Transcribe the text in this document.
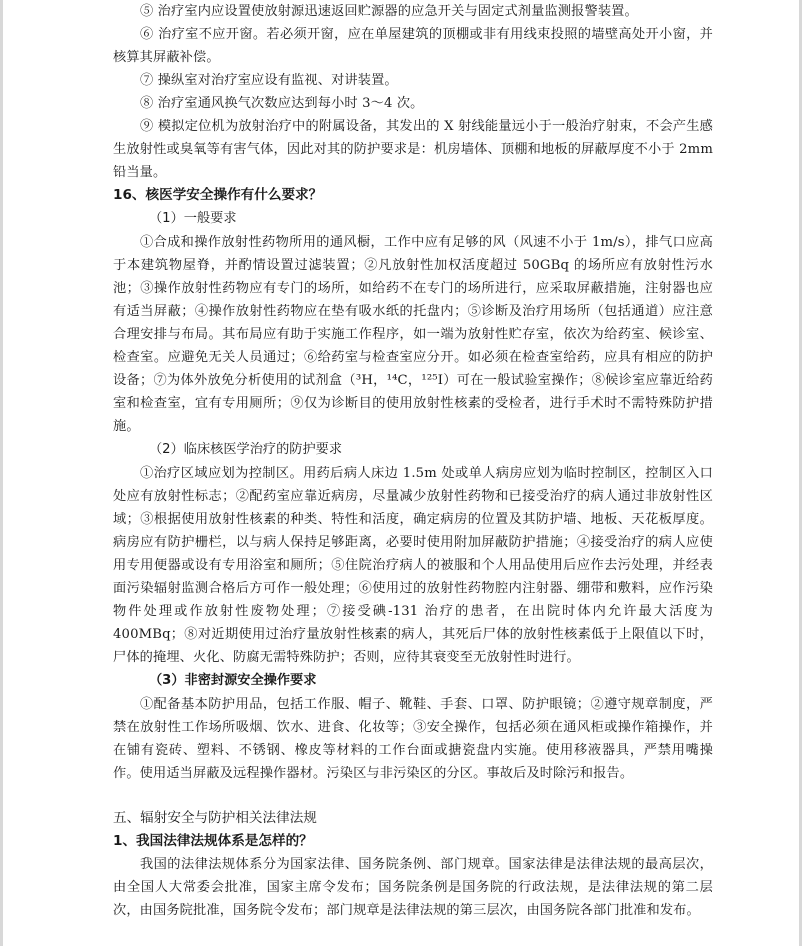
⑤ 治疗室内应设置使放射源迅速返回贮源器的应急开关与固定式剂量监测报警装置。

⑥ 治疗室不应开窗。若必须开窗，应在单屋建筑的顶棚或非有用线束投照的墙壁高处开小窗，并核算其屏蔽补偿。

⑦ 操纵室对治疗室应设有监视、对讲装置。

⑧ 治疗室通风换气次数应达到每小时 3～4 次。

⑨ 模拟定位机为放射治疗中的附属设备，其发出的 X 射线能量远小于一般治疗射束，不会产生感生放射性或臭氧等有害气体，因此对其的防护要求是：机房墙体、顶棚和地板的屏蔽厚度不小于 2mm 铅当量。

16、核医学安全操作有什么要求？

（1）一般要求

①合成和操作放射性药物所用的通风橱，工作中应有足够的风（风速不小于 1m/s），排气口应高于本建筑物屋脊，并酌情设置过滤装置；②凡放射性加权活度超过 50GBq 的场所应有放射性污水池；③操作放射性药物应有专门的场所，如给药不在专门的场所进行，应采取屏蔽措施，注射器也应有适当屏蔽；④操作放射性药物应在垫有吸水纸的托盘内；⑤诊断及治疗用场所（包括通道）应注意合理安排与布局。其布局应有助于实施工作程序，如一端为放射性贮存室，依次为给药室、候诊室、检查室。应避免无关人员通过；⑥给药室与检查室应分开。如必须在检查室给药，应具有相应的防护设备；⑦为体外放免分析使用的试剂盒（³H，¹⁴C，¹²⁵I）可在一般试验室操作；⑧候诊室应靠近给药室和检查室，宜有专用厕所；⑨仅为诊断目的使用放射性核素的受检者，进行手术时不需特殊防护措施。

（2）临床核医学治疗的防护要求

①治疗区域应划为控制区。用药后病人床边 1.5m 处或单人病房应划为临时控制区，控制区入口处应有放射性标志；②配药室应靠近病房，尽量减少放射性药物和已接受治疗的病人通过非放射性区域；③根据使用放射性核素的种类、特性和活度，确定病房的位置及其防护墙、地板、天花板厚度。病房应有防护栅栏，以与病人保持足够距离，必要时使用附加屏蔽防护措施；④接受治疗的病人应使用专用便器或设有专用浴室和厕所；⑤住院治疗病人的被服和个人用品使用后应作去污处理，并经表面污染辐射监测合格后方可作一般处理；⑥使用过的放射性药物腔内注射器、绷带和敷料，应作污染物件处理或作放射性废物处理；⑦接受碘-131 治疗的患者，在出院时体内允许最大活度为 400MBq；⑧对近期使用过治疗量放射性核素的病人，其死后尸体的放射性核素低于上限值以下时，尸体的掩埋、火化、防腐无需特殊防护；否则，应待其衰变至无放射性时进行。

（3）非密封源安全操作要求

①配备基本防护用品，包括工作服、帽子、靴鞋、手套、口罩、防护眼镜；②遵守规章制度，严禁在放射性工作场所吸烟、饮水、进食、化妆等；③安全操作，包括必须在通风柜或操作箱操作，并在铺有瓷砖、塑料、不锈钢、橡皮等材料的工作台面或搪瓷盘内实施。使用移液器具，严禁用嘴操作。使用适当屏蔽及远程操作器材。污染区与非污染区的分区。事故后及时除污和报告。

五、辐射安全与防护相关法律法规

1、我国法律法规体系是怎样的？

我国的法律法规体系分为国家法律、国务院条例、部门规章。国家法律是法律法规的最高层次，由全国人大常委会批准，国家主席令发布；国务院条例是国务院的行政法规，是法律法规的第二层次，由国务院批准，国务院令发布；部门规章是法律法规的第三层次，由国务院各部门批准和发布。
